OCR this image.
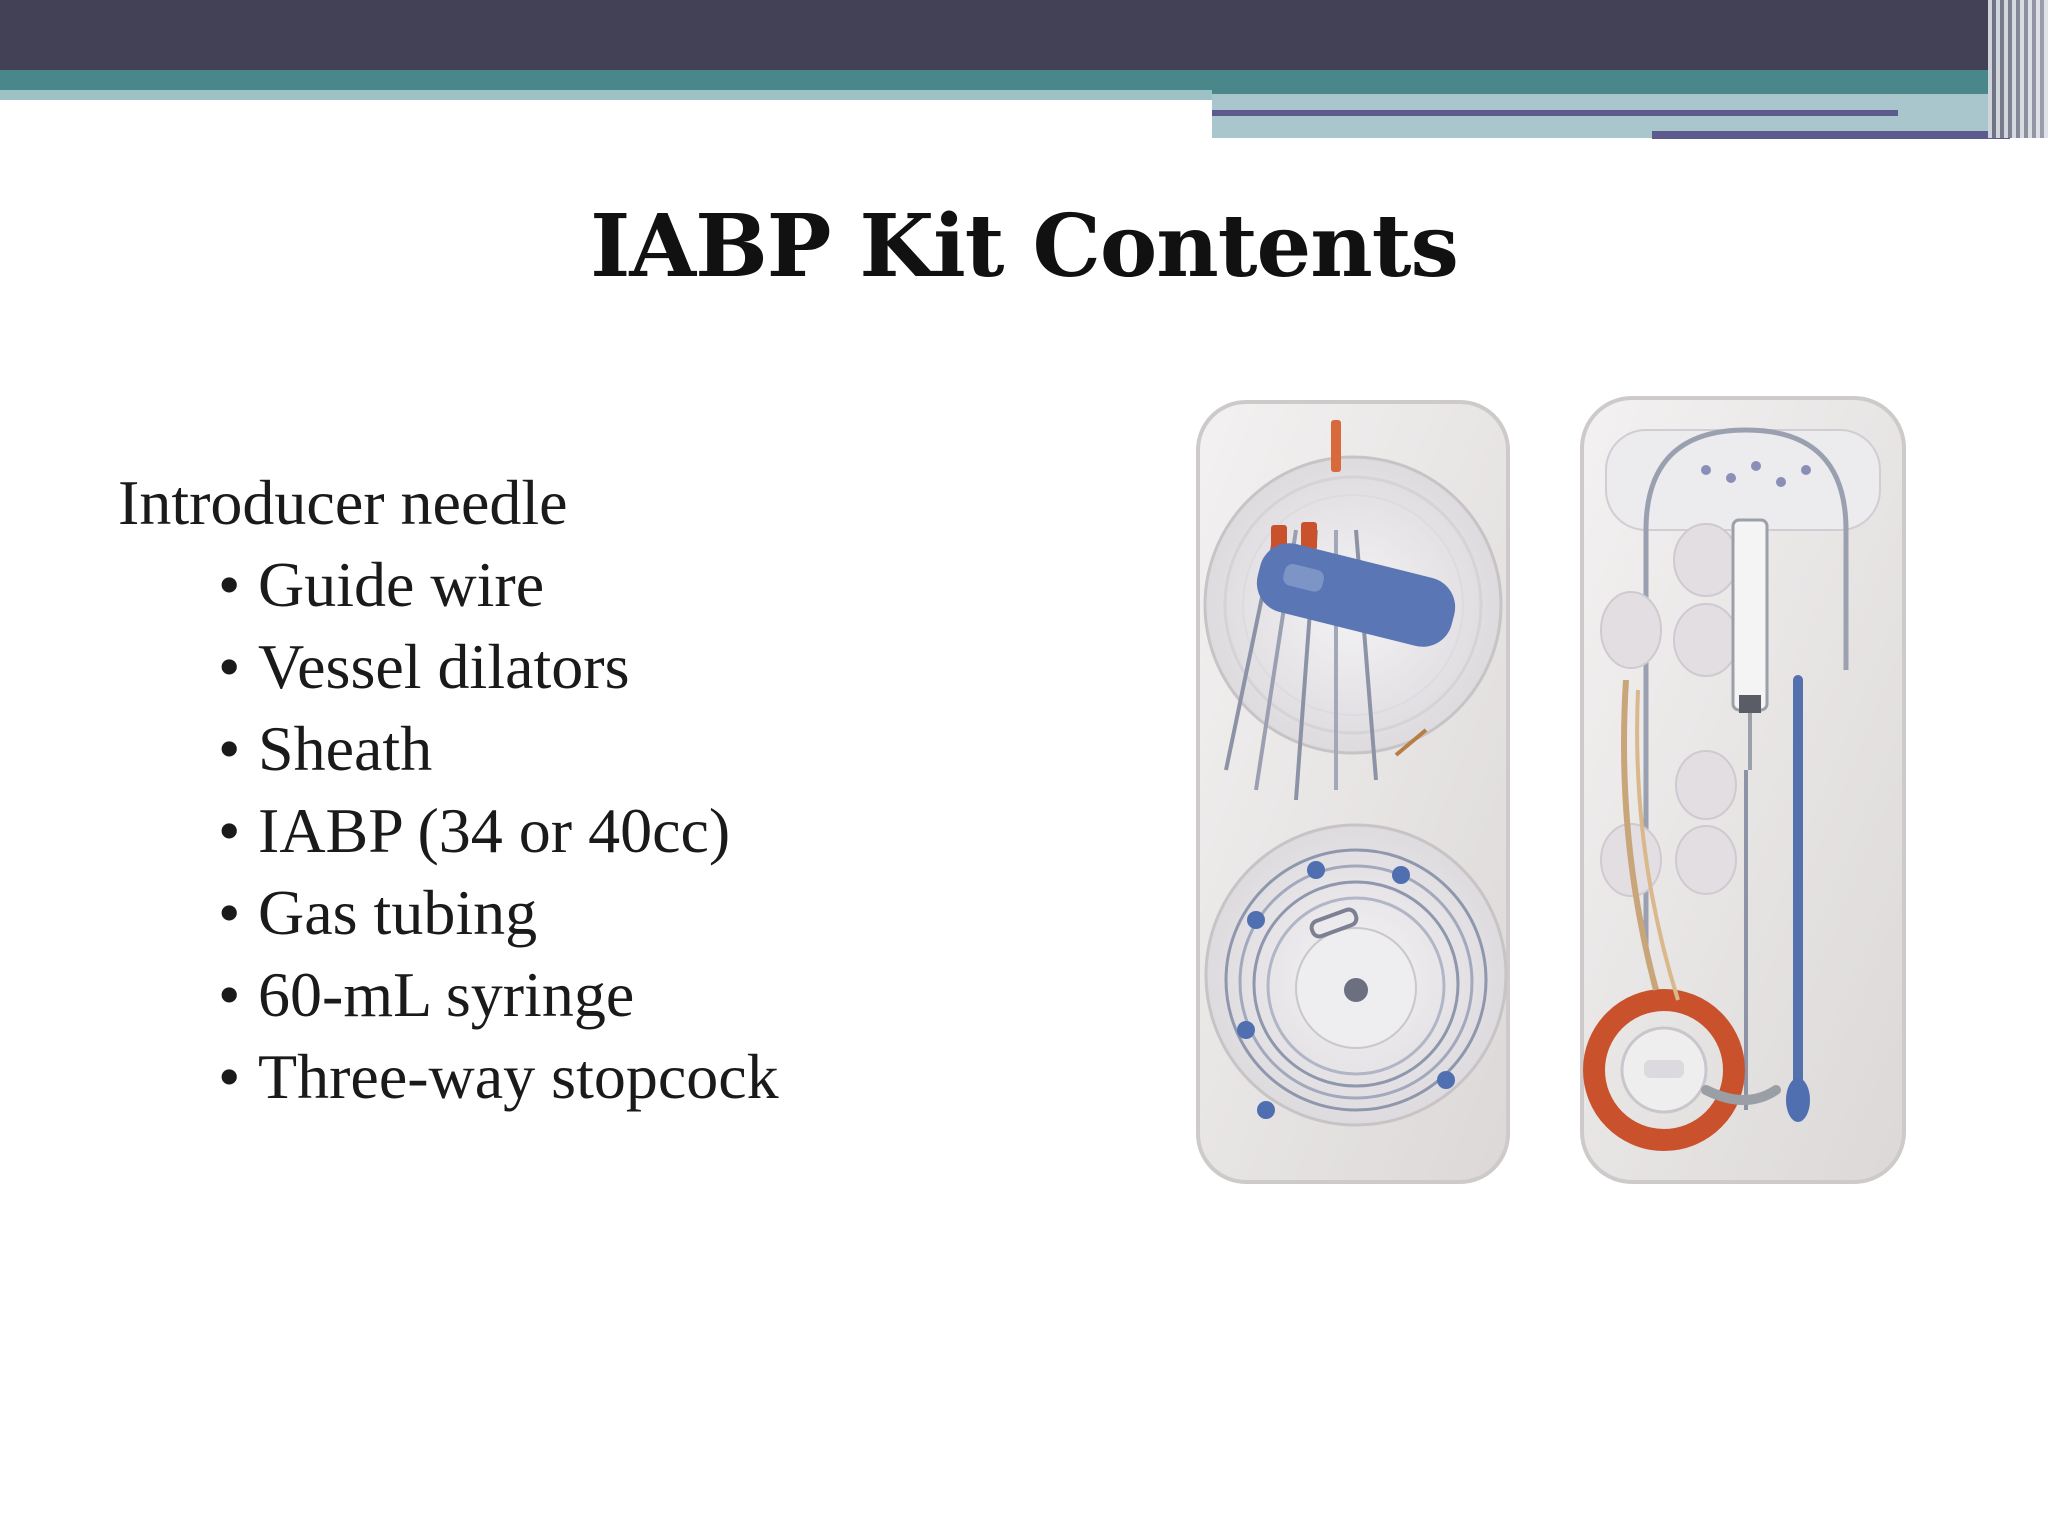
IABP Kit Contents
Introducer needle
• Guide wire
• Vessel dilators
• Sheath
• IABP (34 or 40cc)
• Gas tubing
• 60-mL syringe
• Three-way stopcock
